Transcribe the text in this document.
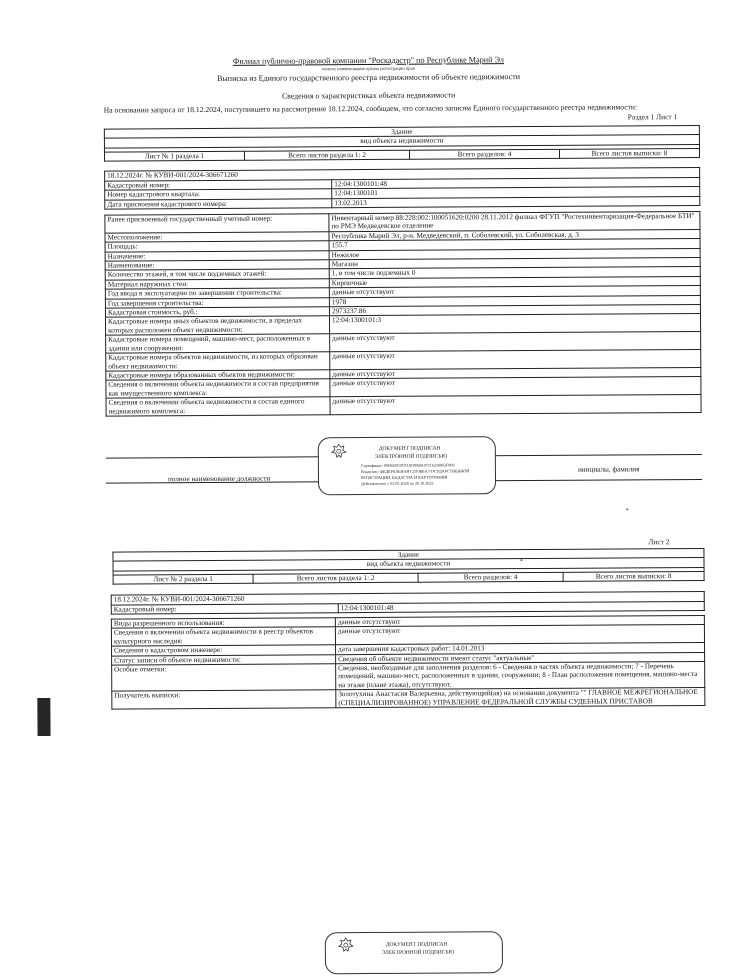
Филиал публично-правовой компании "Роскадастр" по Республике Марий Эл
полное наименование органа регистрации прав
Выписка из Единого государственного реестра недвижимости об объекте недвижимости
Сведения о характеристиках объекта недвижимости
На основании запроса от 18.12.2024, поступившего на рассмотрение 18.12.2024, сообщаем, что согласно записям Единого государственного реестра недвижимости:
Раздел 1 Лист 1
Здание
вид объекта недвижимости

Лист № 1 раздела 1	Всего листов раздела 1: 2	Всего разделов: 4	Всего листов выписки: 8
18.12.2024г. № КУВИ-001/2024-306671260	
Кадастровый номер:	12:04:1300101:48
Номер кадастрового квартала:	12:04:1300101
Дата присвоения кадастрового номера:	13.02.2013
Ранее присвоенный государственный учетный номер:	Инвентарный номер 88:228:002:100051620:0200 28.11.2012 филиал ФГУП "Ростехинвентаризация-Федеральное БТИ" по РМЭ Медведевское отделение
Местоположение:	Республика Марий Эл, р-н. Медведевский, п. Соболевский, ул. Соболевская, д. 3
Площадь:	155.7
Назначение:	Нежилое
Наименование:	Магазин
Количество этажей, в том числе подземных этажей:	1, в том числе подземных 0
Материал наружных стен:	Кирпичные
Год ввода в эксплуатацию по завершении строительства:	данные отсутствуют
Год завершения строительства:	1978
Кадастровая стоимость, руб.:	2973237.86
Кадастровые номера иных объектов недвижимости, в пределах которых расположен объект недвижимости:	12:04:1300101:3
Кадастровые номера помещений, машино-мест, расположенных в здании или сооружении:	данные отсутствуют
Кадастровые номера объектов недвижимости, из которых образован объект недвижимости:	данные отсутствуют
Кадастровые номера образованных объектов недвижимости:	данные отсутствуют
Сведения о включении объекта недвижимости в состав предприятия как имущественного комплекса:	данные отсутствуют
Сведения о включении объекта недвижимости в состав единого недвижимого комплекса:	данные отсутствуют
полное наименование должности
инициалы, фамилия
ДОКУМЕНТ ПОДПИСАН
ЭЛЕКТРОННОЙ ПОДПИСЬЮ
Сертификат: 00F8E0C0C91A03984107116250062F808
Владелец: ФЕДЕРАЛЬНАЯ СЛУЖБА ГОСУДАРСТВЕННОЙ
РЕГИСТРАЦИИ, КАДАСТРА И КАРТОГРАФИИ
Действителен: с 02.05.2024 по 26.10.2025
Лист 2
Здание
вид объекта недвижимости

Лист № 2 раздела 1	Всего листов раздела 1: 2	Всего разделов: 4	Всего листов выписки: 8
18.12.2024г. № КУВИ-001/2024-306671260
Кадастровый номер:	12:04:1300101:48
Виды разрешенного использования:	данные отсутствуют
Сведения о включении объекта недвижимости в реестр объектов культурного наследия:	данные отсутствуют
Сведения о кадастровом инженере:	дата завершения кадастровых работ: 14.01.2013
Статус записи об объекте недвижимости:	Сведения об объекте недвижимости имеют статус "актуальные"
Особые отметки:	Сведения, необходимые для заполнения разделов: 6 - Сведения о частях объекта недвижимости; 7 - Перечень помещений, машино-мест, расположенных в здании, сооружении; 8 - План расположения помещения, машино-места на этаже (плане этажа), отсутствуют.
Получатель выписки:	Золотухина Анастасия Валерьевна, действующий(ая) на основании документа "" ГЛАВНОЕ МЕЖРЕГИОНАЛЬНОЕ (СПЕЦИАЛИЗИРОВАННОЕ) УПРАВЛЕНИЕ ФЕДЕРАЛЬНОЙ СЛУЖБЫ СУДЕБНЫХ ПРИСТАВОВ
ДОКУМЕНТ ПОДПИСАН
ЭЛЕКТРОННОЙ ПОДПИСЬЮ
